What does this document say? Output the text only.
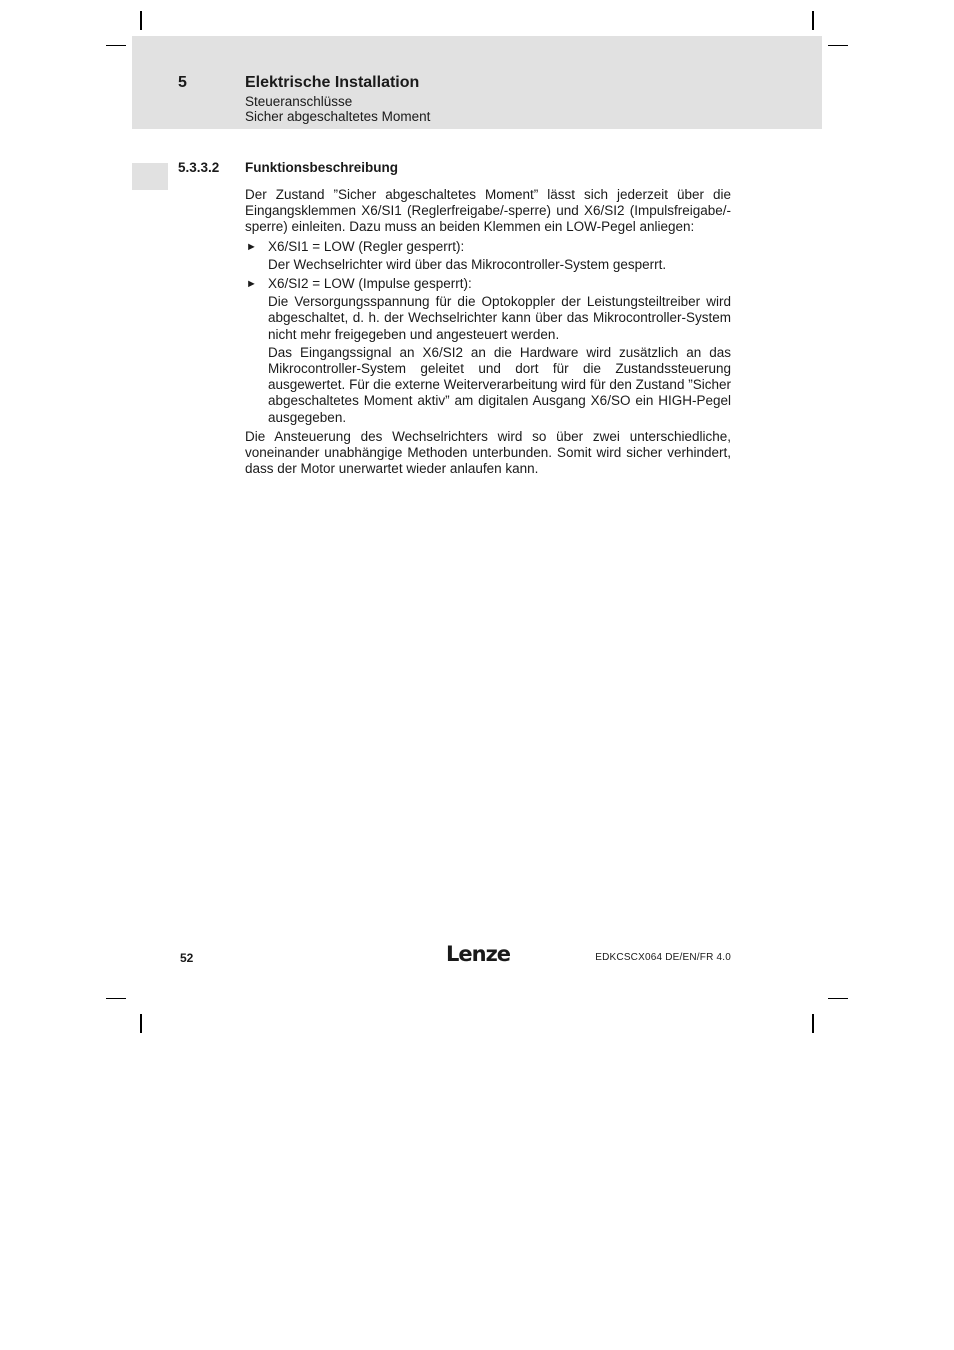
5	Elektrische Installation
Steueranschlüsse
Sicher abgeschaltetes Moment
5.3.3.2 Funktionsbeschreibung

Der Zustand ”Sicher abgeschaltetes Moment” lässt sich jederzeit über die Eingangsklemmen X6/SI1 (Reglerfreigabe/-sperre) und X6/SI2 (Impulsfreigabe/-sperre) einleiten. Dazu muss an beiden Klemmen ein LOW-Pegel anliegen:

► X6/SI1 = LOW (Regler gesperrt):

Der Wechselrichter wird über das Mikrocontroller-System gesperrt.

► X6/SI2 = LOW (Impulse gesperrt):

Die Versorgungsspannung für die Optokoppler der Leistungsteiltreiber wird abgeschaltet, d. h. der Wechselrichter kann über das Mikrocontroller-System nicht mehr freigegeben und angesteuert werden.

Das Eingangssignal an X6/SI2 an die Hardware wird zusätzlich an das Mikrocontroller-System geleitet und dort für die Zustandssteuerung ausgewertet. Für die externe Weiterverarbeitung wird für den Zustand ”Sicher abgeschaltetes Moment aktiv” am digitalen Ausgang X6/SO ein HIGH-Pegel ausgegeben.

Die Ansteuerung des Wechselrichters wird so über zwei unterschiedliche, voneinander unabhängige Methoden unterbunden. Somit wird sicher verhindert, dass der Motor unerwartet wieder anlaufen kann.

52	Lenze	EDKCSCX064 DE/EN/FR 4.0
